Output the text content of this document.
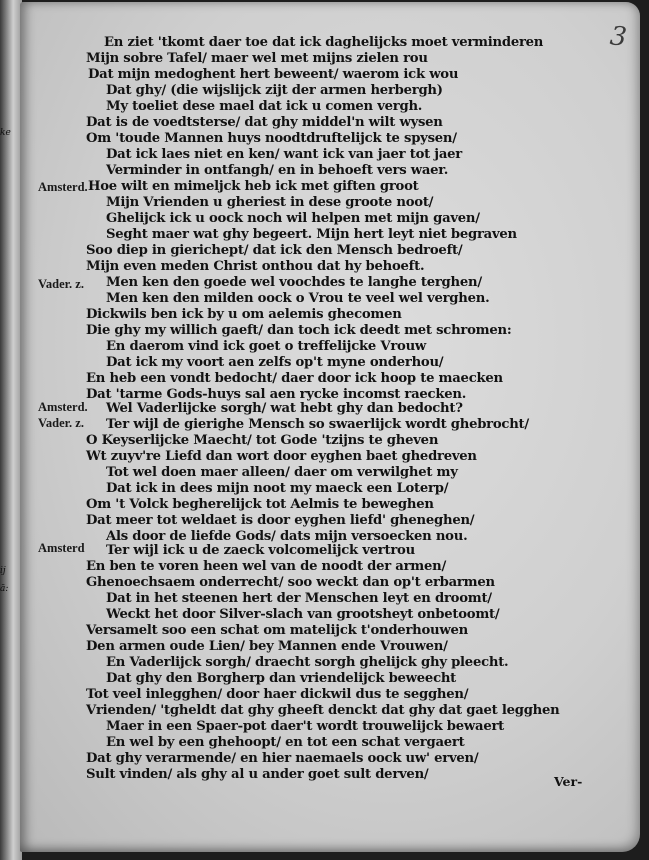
ke
ij
ā:
3
Amsterd.
Vader. z.
Amsterd.
Vader. z.
Amsterd
En ziet 'tkomt daer toe dat ick daghelijcks moet verminderen
Mijn sobre Tafel/ maer wel met mijns zielen rou
Dat mijn medoghent hert beweent/ waerom ick wou
Dat ghy/ (die wijslijck zijt der armen herbergh)
My toeliet dese mael dat ick u comen vergh.
Dat is de voedtsterse/ dat ghy middel'n wilt wysen
Om 'toude Mannen huys noodtdruftelijck te spysen/
Dat ick laes niet en ken/ want ick van jaer tot jaer
Verminder in ontfangh/ en in behoeft vers waer.
Hoe wilt en mimeljck heb ick met giften groot
Mijn Vrienden u gheriest in dese groote noot/
Ghelijck ick u oock noch wil helpen met mijn gaven/
Seght maer wat ghy begeert. Mijn hert leyt niet begraven
Soo diep in gierichept/ dat ick den Mensch bedroeft/
Mijn even meden Christ onthou dat hy behoeft.
Men ken den goede wel voochdes te langhe terghen/
Men ken den milden oock o Vrou te veel wel verghen.
Dickwils ben ick by u om aelemis ghecomen
Die ghy my willich gaeft/ dan toch ick deedt met schromen:
En daerom vind ick goet o treffelijcke Vrouw
Dat ick my voort aen zelfs op't myne onderhou/
En heb een vondt bedocht/ daer door ick hoop te maecken
Dat 'tarme Gods-huys sal aen rycke incomst raecken.
Wel Vaderlijcke sorgh/ wat hebt ghy dan bedocht?
Ter wijl de gierighe Mensch so swaerlijck wordt ghebrocht/
O Keyserlijcke Maecht/ tot Gode 'tzijns te gheven
Wt zuyv're Liefd dan wort door eyghen baet ghedreven
Tot wel doen maer alleen/ daer om verwilghet my
Dat ick in dees mijn noot my maeck een Loterp/
Om 't Volck begherelijck tot Aelmis te beweghen
Dat meer tot weldaet is door eyghen liefd' gheneghen/
Als door de liefde Gods/ dats mijn versoecken nou.
Ter wijl ick u de zaeck volcomelijck vertrou
En ben te voren heen wel van de noodt der armen/
Ghenoechsaem onderrecht/ soo weckt dan op't erbarmen
Dat in het steenen hert der Menschen leyt en droomt/
Weckt het door Silver-slach van grootsheyt onbetoomt/
Versamelt soo een schat om matelijck t'onderhouwen
Den armen oude Lien/ bey Mannen ende Vrouwen/
En Vaderlijck sorgh/ draecht sorgh ghelijck ghy pleecht.
Dat ghy den Borgherp dan vriendelijck beweecht
Tot veel inlegghen/ door haer dickwil dus te segghen/
Vrienden/ 'tgheldt dat ghy gheeft denckt dat ghy dat gaet legghen
Maer in een Spaer-pot daer't wordt trouwelijck bewaert
En wel by een ghehoopt/ en tot een schat vergaert
Dat ghy verarmende/ en hier naemaels oock uw' erven/
Sult vinden/ als ghy al u ander goet sult derven/	Ver-
